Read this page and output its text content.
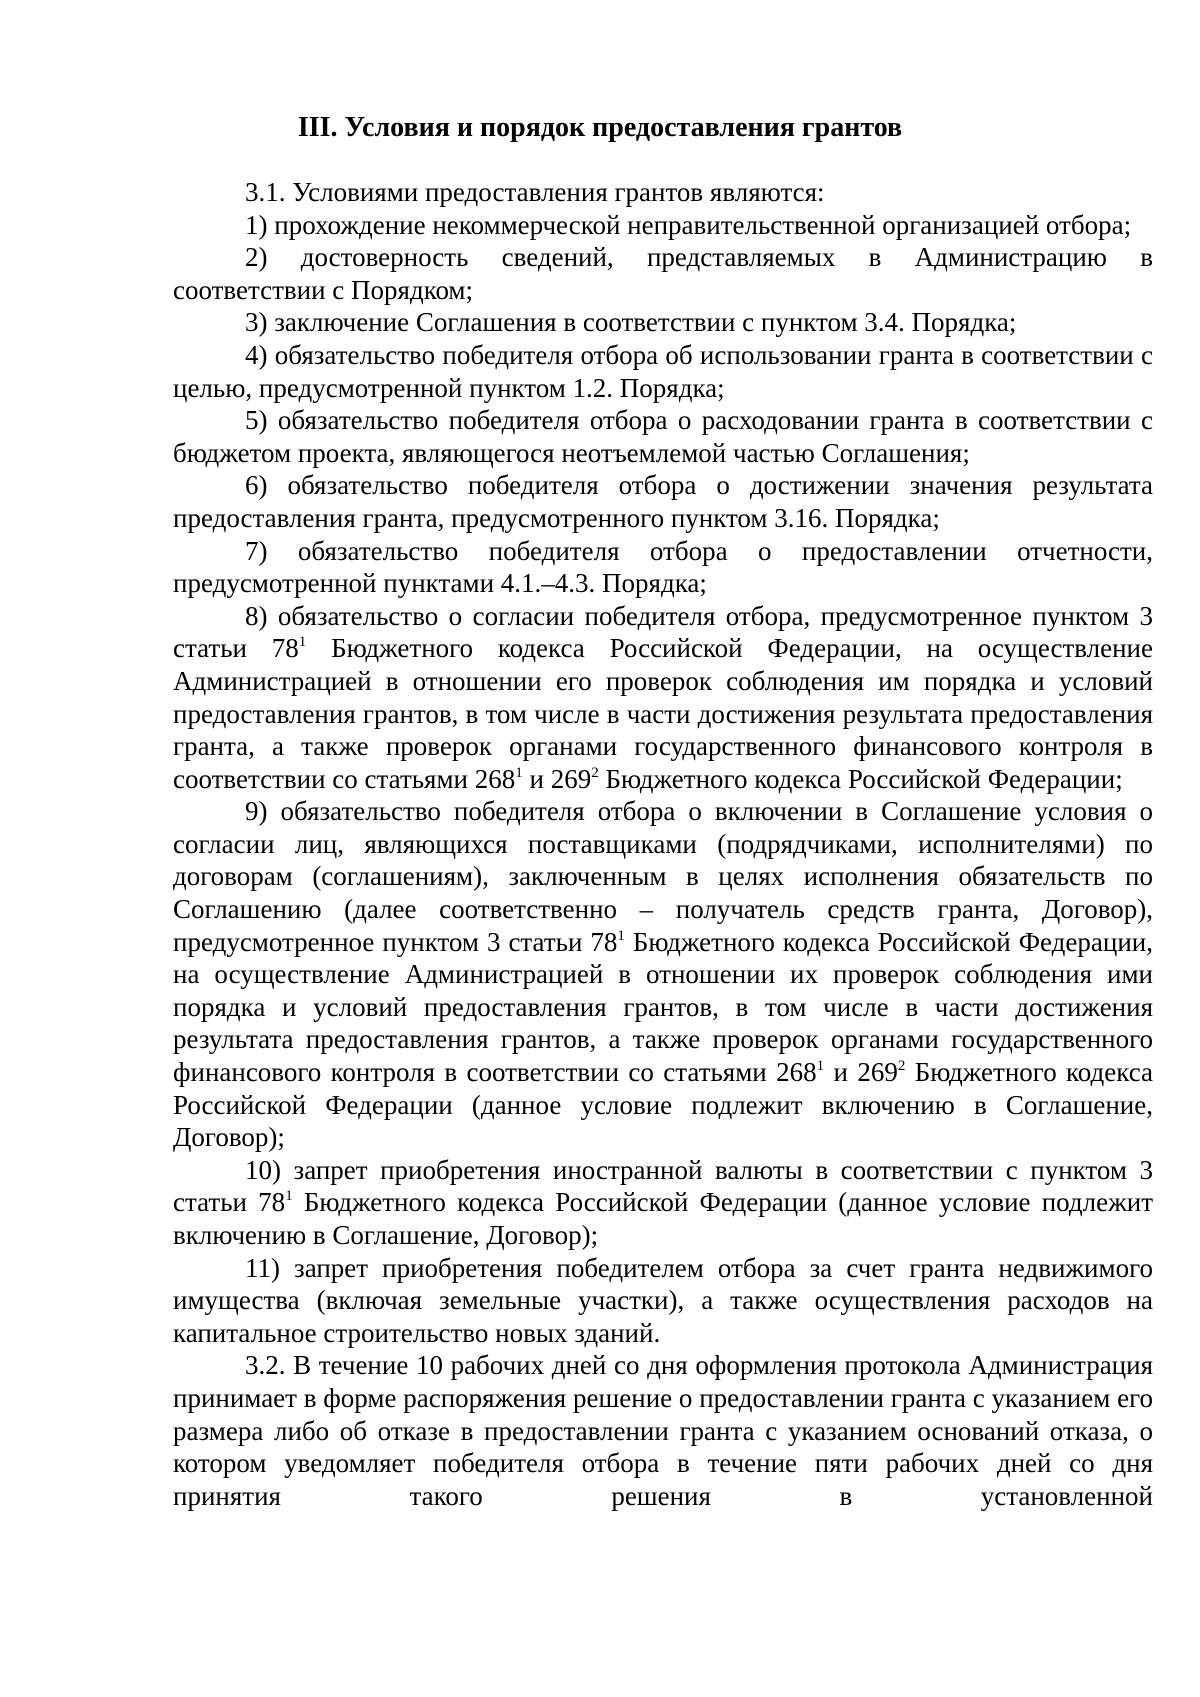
III. Условия и порядок предоставления грантов

3.1. Условиями предоставления грантов являются:

1) прохождение некоммерческой неправительственной организацией отбора;

2) достоверность сведений, представляемых в Администрацию в соответствии с Порядком;

3) заключение Соглашения в соответствии с пунктом 3.4. Порядка;

4) обязательство победителя отбора об использовании гранта в соответствии с целью, предусмотренной пунктом 1.2. Порядка;

5) обязательство победителя отбора о расходовании гранта в соответствии с бюджетом проекта, являющегося неотъемлемой частью Соглашения;

6) обязательство победителя отбора о достижении значения результата предоставления гранта, предусмотренного пунктом 3.16. Порядка;

7) обязательство победителя отбора о предоставлении отчетности, предусмотренной пунктами 4.1.–4.3. Порядка;

8) обязательство о согласии победителя отбора, предусмотренное пунктом 3 статьи $78^1$ Бюджетного кодекса Российской Федерации, на осуществление Администрацией в отношении его проверок соблюдения им порядка и условий предоставления грантов, в том числе в части достижения результата предоставления гранта, а также проверок органами государственного финансового контроля в соответствии со статьями $268^1$ и $269^2$ Бюджетного кодекса Российской Федерации;

9) обязательство победителя отбора о включении в Соглашение условия о согласии лиц, являющихся поставщиками (подрядчиками, исполнителями) по договорам (соглашениям), заключенным в целях исполнения обязательств по Соглашению (далее соответственно – получатель средств гранта, Договор), предусмотренное пунктом 3 статьи $78^1$ Бюджетного кодекса Российской Федерации, на осуществление Администрацией в отношении их проверок соблюдения ими порядка и условий предоставления грантов, в том числе в части достижения результата предоставления грантов, а также проверок органами государственного финансового контроля в соответствии со статьями $268^1$ и $269^2$ Бюджетного кодекса Российской Федерации (данное условие подлежит включению в Соглашение, Договор);

10) запрет приобретения иностранной валюты в соответствии с пунктом 3 статьи $78^1$ Бюджетного кодекса Российской Федерации (данное условие подлежит включению в Соглашение, Договор);

11) запрет приобретения победителем отбора за счет гранта недвижимого имущества (включая земельные участки), а также осуществления расходов на капитальное строительство новых зданий.

3.2. В течение 10 рабочих дней со дня оформления протокола Администрация принимает в форме распоряжения решение о предоставлении гранта с указанием его размера либо об отказе в предоставлении гранта с указанием оснований отказа, о котором уведомляет победителя отбора в течение пяти рабочих дней со дня принятия такого решения в установленной
